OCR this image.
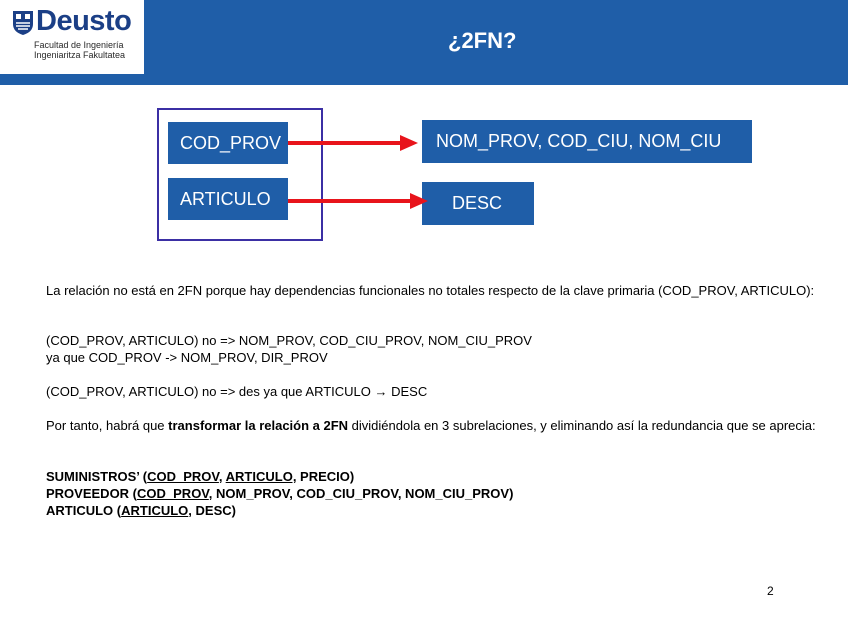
Deusto
Facultad de Ingeniería
Ingeniaritza Fakultatea
¿2FN?
COD_PROV
ARTICULO
NOM_PROV, COD_CIU, NOM_CIU
DESC
La relación no está en 2FN porque hay dependencias funcionales no totales respecto de la clave primaria (COD_PROV, ARTICULO):
(COD_PROV, ARTICULO) no => NOM_PROV, COD_CIU_PROV, NOM_CIU_PROV
ya que COD_PROV -> NOM_PROV, DIR_PROV
(COD_PROV, ARTICULO) no => des ya que ARTICULO → DESC
Por tanto, habrá que transformar la relación a 2FN dividiéndola en 3 subrelaciones, y eliminando así la redundancia que se aprecia:
SUMINISTROS’ (COD_PROV, ARTICULO, PRECIO)
PROVEEDOR (COD_PROV, NOM_PROV, COD_CIU_PROV, NOM_CIU_PROV)
ARTICULO (ARTICULO, DESC)
2
